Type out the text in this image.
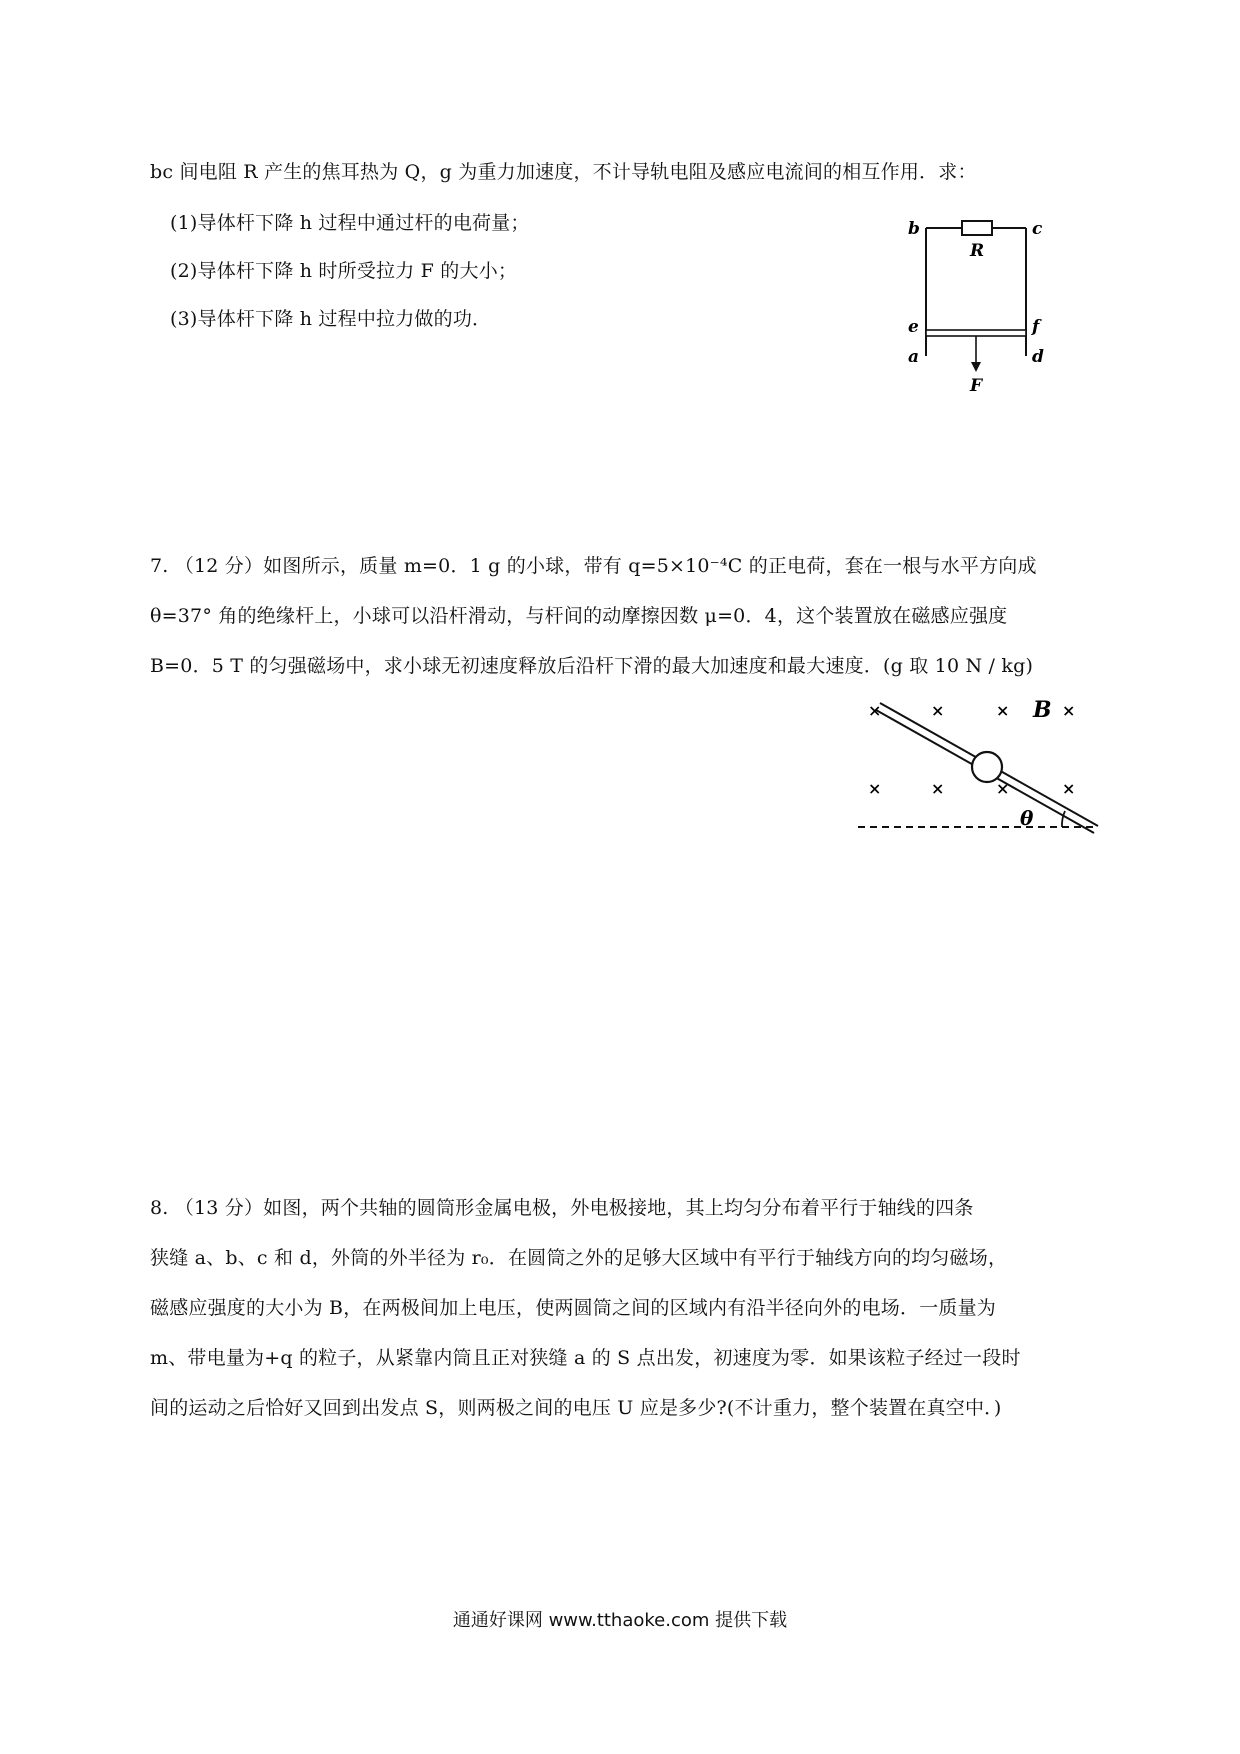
bc 间电阻 R 产生的焦耳热为 Q，g 为重力加速度，不计导轨电阻及感应电流间的相互作用．求：
(1)导体杆下降 h 过程中通过杆的电荷量；
(2)导体杆下降 h 时所受拉力 F 的大小；
(3)导体杆下降 h 过程中拉力做的功．
b	c
R
e	f
a	d
F
7. （12 分）如图所示，质量 m=0．1 g 的小球，带有 q=5×10⁻⁴C 的正电荷，套在一根与水平方向成
θ=37° 角的绝缘杆上，小球可以沿杆滑动，与杆间的动摩擦因数 μ=0．4，这个装置放在磁感应强度
B=0．5 T 的匀强磁场中，求小球无初速度释放后沿杆下滑的最大加速度和最大速度．(g 取 10 N / kg)
θ
×	×	×	×
×	×	×	×
B
8. （13 分）如图，两个共轴的圆筒形金属电极，外电极接地，其上均匀分布着平行于轴线的四条
狭缝 a、b、c 和 d，外筒的外半径为 r₀．在圆筒之外的足够大区域中有平行于轴线方向的均匀磁场，
磁感应强度的大小为 B，在两极间加上电压，使两圆筒之间的区域内有沿半径向外的电场．一质量为
m、带电量为+q 的粒子，从紧靠内筒且正对狭缝 a 的 S 点出发，初速度为零．如果该粒子经过一段时
间的运动之后恰好又回到出发点 S，则两极之间的电压 U 应是多少?(不计重力，整个装置在真空中．)
通通好课网 www.tthaoke.com 提供下载
